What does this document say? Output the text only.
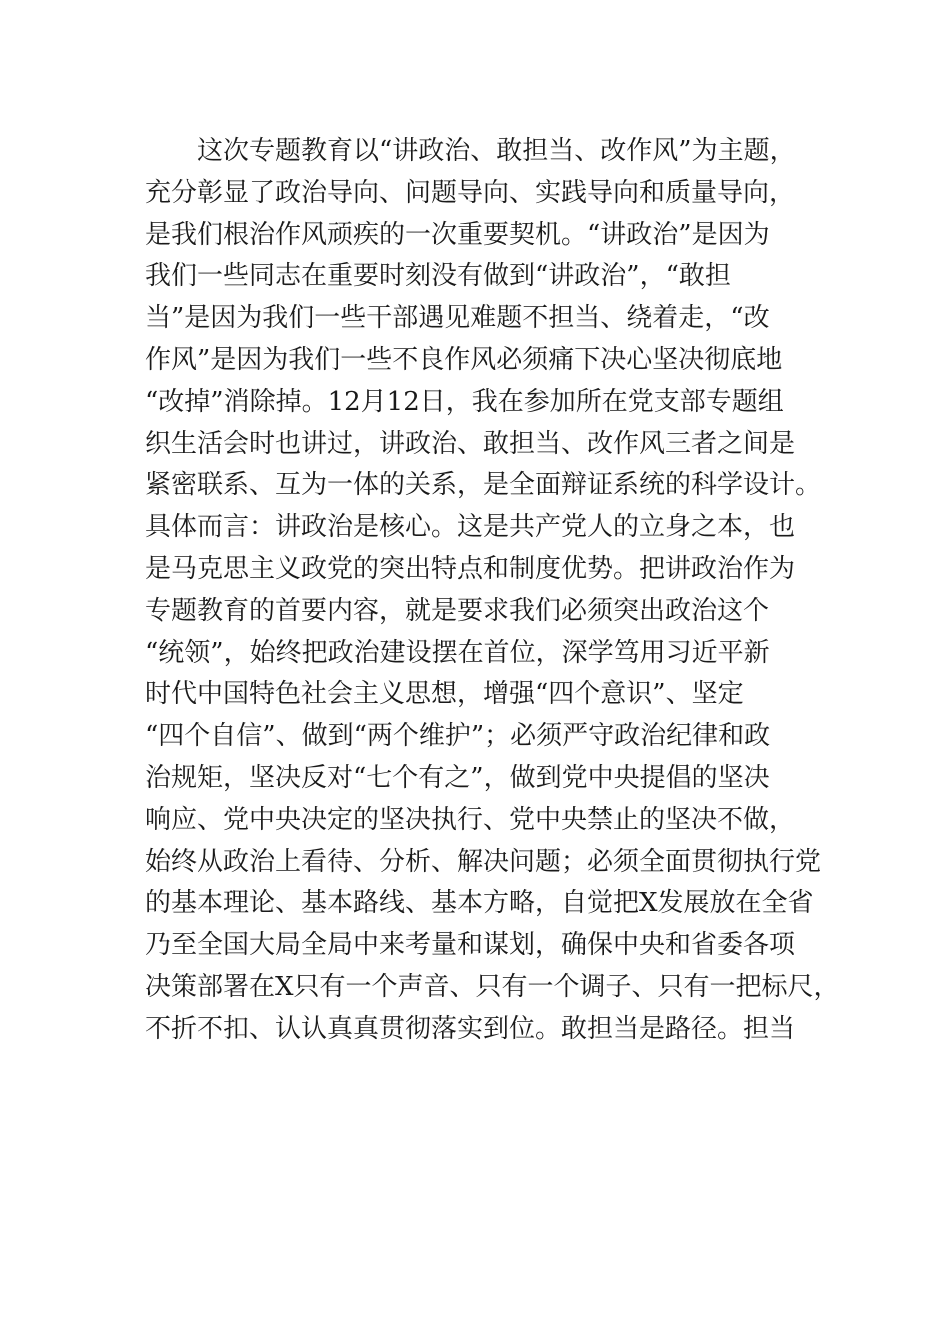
这次专题教育以“讲政治、敢担当、改作风”为主题，
充分彰显了政治导向、问题导向、实践导向和质量导向，
是我们根治作风顽疾的一次重要契机。“讲政治”是因为
我们一些同志在重要时刻没有做到“讲政治”，“敢担
当”是因为我们一些干部遇见难题不担当、绕着走，“改
作风”是因为我们一些不良作风必须痛下决心坚决彻底地
“改掉”消除掉。12月12日，我在参加所在党支部专题组
织生活会时也讲过，讲政治、敢担当、改作风三者之间是
紧密联系、互为一体的关系，是全面辩证系统的科学设计。
具体而言：讲政治是核心。这是共产党人的立身之本，也
是马克思主义政党的突出特点和制度优势。把讲政治作为
专题教育的首要内容，就是要求我们必须突出政治这个
“统领”，始终把政治建设摆在首位，深学笃用习近平新
时代中国特色社会主义思想，增强“四个意识”、坚定
“四个自信”、做到“两个维护”；必须严守政治纪律和政
治规矩，坚决反对“七个有之”，做到党中央提倡的坚决
响应、党中央决定的坚决执行、党中央禁止的坚决不做，
始终从政治上看待、分析、解决问题；必须全面贯彻执行党
的基本理论、基本路线、基本方略，自觉把X发展放在全省
乃至全国大局全局中来考量和谋划，确保中央和省委各项
决策部署在X只有一个声音、只有一个调子、只有一把标尺，
不折不扣、认认真真贯彻落实到位。敢担当是路径。担当
